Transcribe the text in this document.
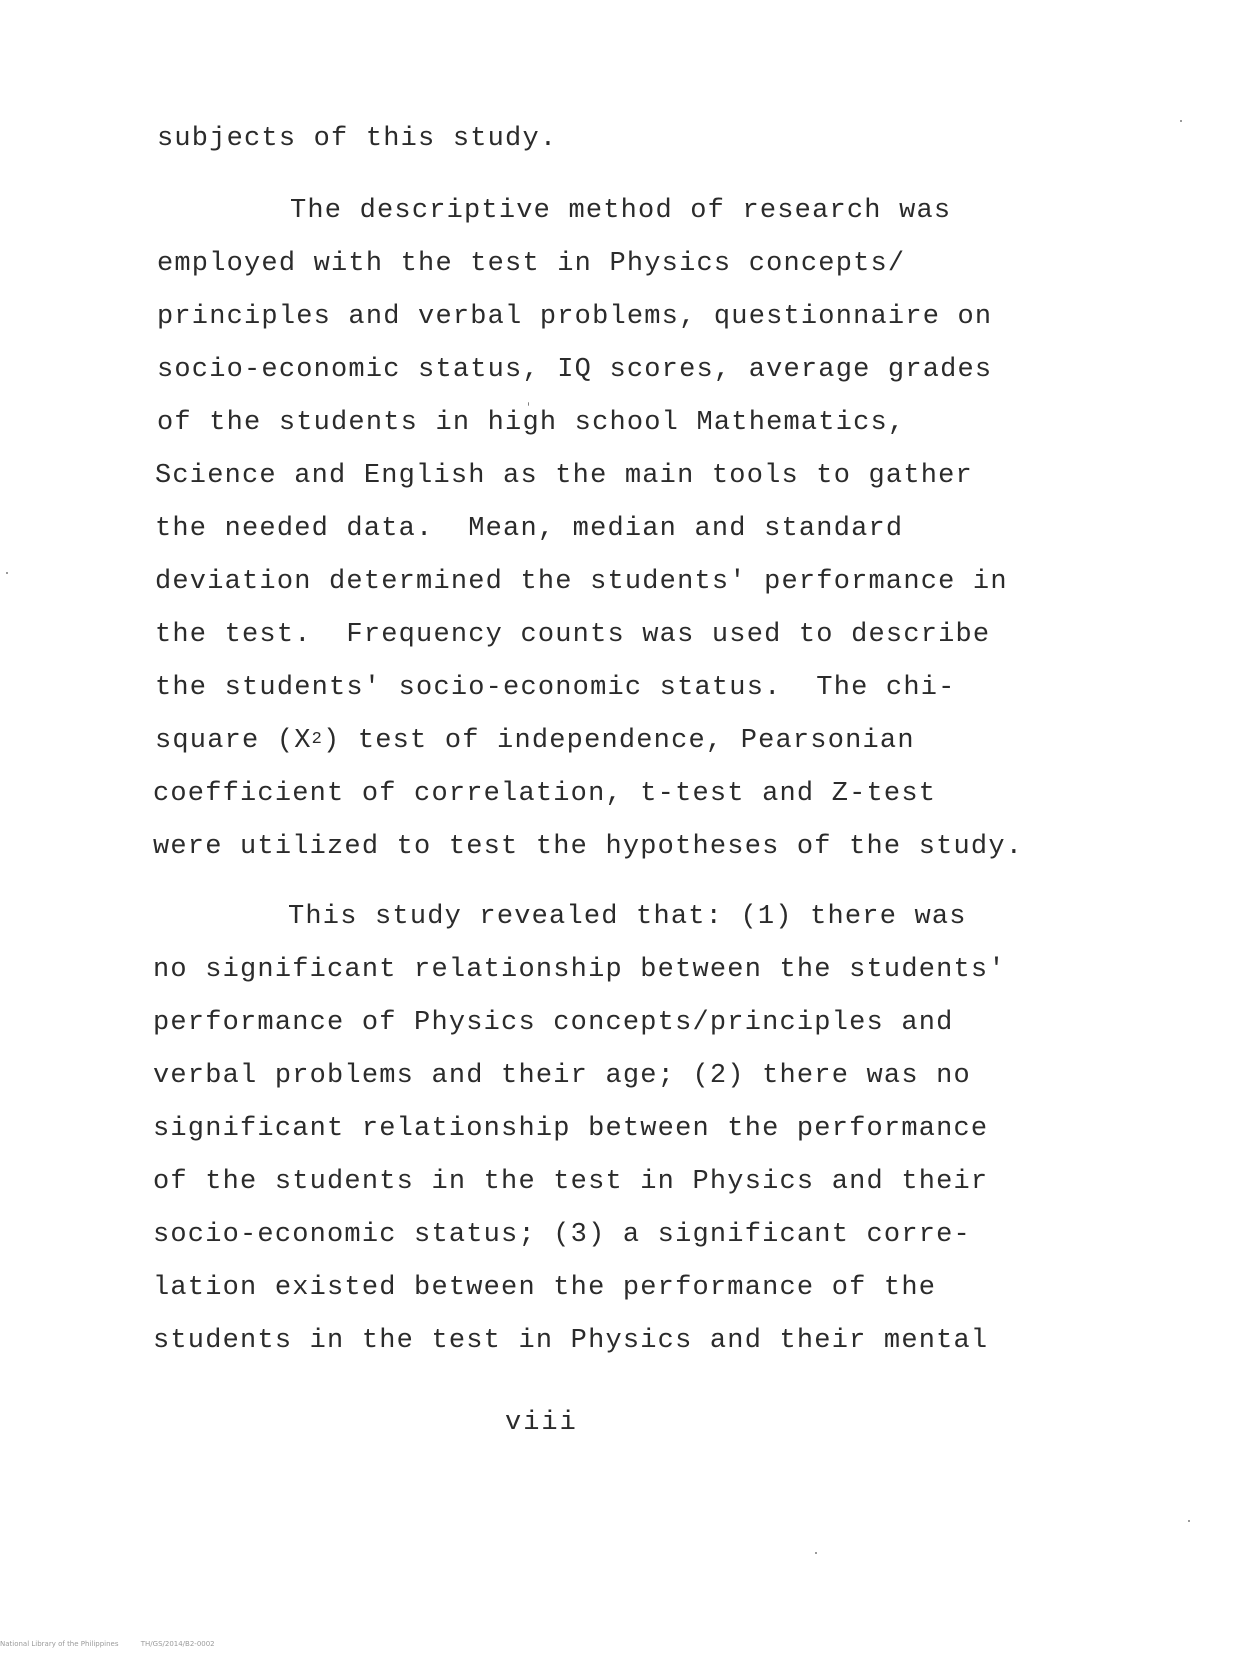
subjects of this study.
The descriptive method of research was
employed with the test in Physics concepts/
principles and verbal problems, questionnaire on
socio-economic status, IQ scores, average grades
of the students in high school Mathematics,
Science and English as the main tools to gather
the needed data.  Mean, median and standard
deviation determined the students' performance in
the test.  Frequency counts was used to describe
the students' socio-economic status.  The chi-
square $(X^2)$ test of independence, Pearsonian
coefficient of correlation, t-test and Z-test
were utilized to test the hypotheses of the study.
This study revealed that: (1) there was
no significant relationship between the students'
performance of Physics concepts/principles and
verbal problems and their age; (2) there was no
significant relationship between the performance
of the students in the test in Physics and their
socio-economic status; (3) a significant corre-
lation existed between the performance of the
students in the test in Physics and their mental
viii
National Library of the Philippines          TH/GS/2014/B2-0002
